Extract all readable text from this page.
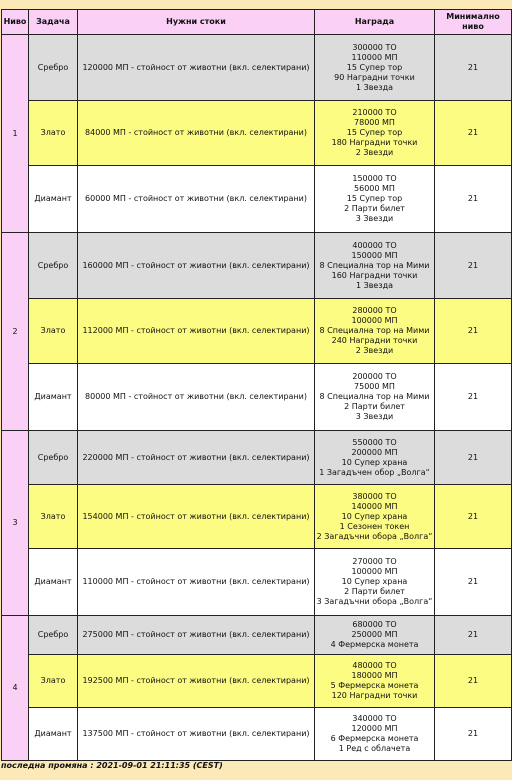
Ниво	Задача	Нужни стоки	Награда	Минимално ниво
1	Сребро	120000 МП - стойност от животни (вкл. селектирани)	300000 ТО
110000 МП
15 Супер тор
90 Наградни точки
1 Звезда	21
	Злато	84000 МП - стойност от животни (вкл. селектирани)	210000 ТО
78000 МП
15 Супер тор
180 Наградни точки
2 Звезди	21
	Диамант	60000 МП - стойност от животни (вкл. селектирани)	150000 ТО
56000 МП
15 Супер тор
2 Парти билет
3 Звезди	21
2	Сребро	160000 МП - стойност от животни (вкл. селектирани)	400000 ТО
150000 МП
8 Специална тор на Мими
160 Наградни точки
1 Звезда	21
	Злато	112000 МП - стойност от животни (вкл. селектирани)	280000 ТО
100000 МП
8 Специална тор на Мими
240 Наградни точки
2 Звезди	21
	Диамант	80000 МП - стойност от животни (вкл. селектирани)	200000 ТО
75000 МП
8 Специална тор на Мими
2 Парти билет
3 Звезди	21
3	Сребро	220000 МП - стойност от животни (вкл. селектирани)	550000 ТО
200000 МП
10 Супер храна
1 Загадъчен обор „Волга“	21
	Злато	154000 МП - стойност от животни (вкл. селектирани)	380000 ТО
140000 МП
10 Супер храна
1 Сезонен токен
2 Загадъчни обора „Волга“	21
	Диамант	110000 МП - стойност от животни (вкл. селектирани)	270000 ТО
100000 МП
10 Супер храна
2 Парти билет
3 Загадъчни обора „Волга“	21
4	Сребро	275000 МП - стойност от животни (вкл. селектирани)	680000 ТО
250000 МП
4 Фермерска монета	21
	Злато	192500 МП - стойност от животни (вкл. селектирани)	480000 ТО
180000 МП
5 Фермерска монета
120 Наградни точки	21
	Диамант	137500 МП - стойност от животни (вкл. селектирани)	340000 ТО
120000 МП
6 Фермерска монета
1 Ред с облачета	21
последна промяна : 2021-09-01 21:11:35 (CEST)
